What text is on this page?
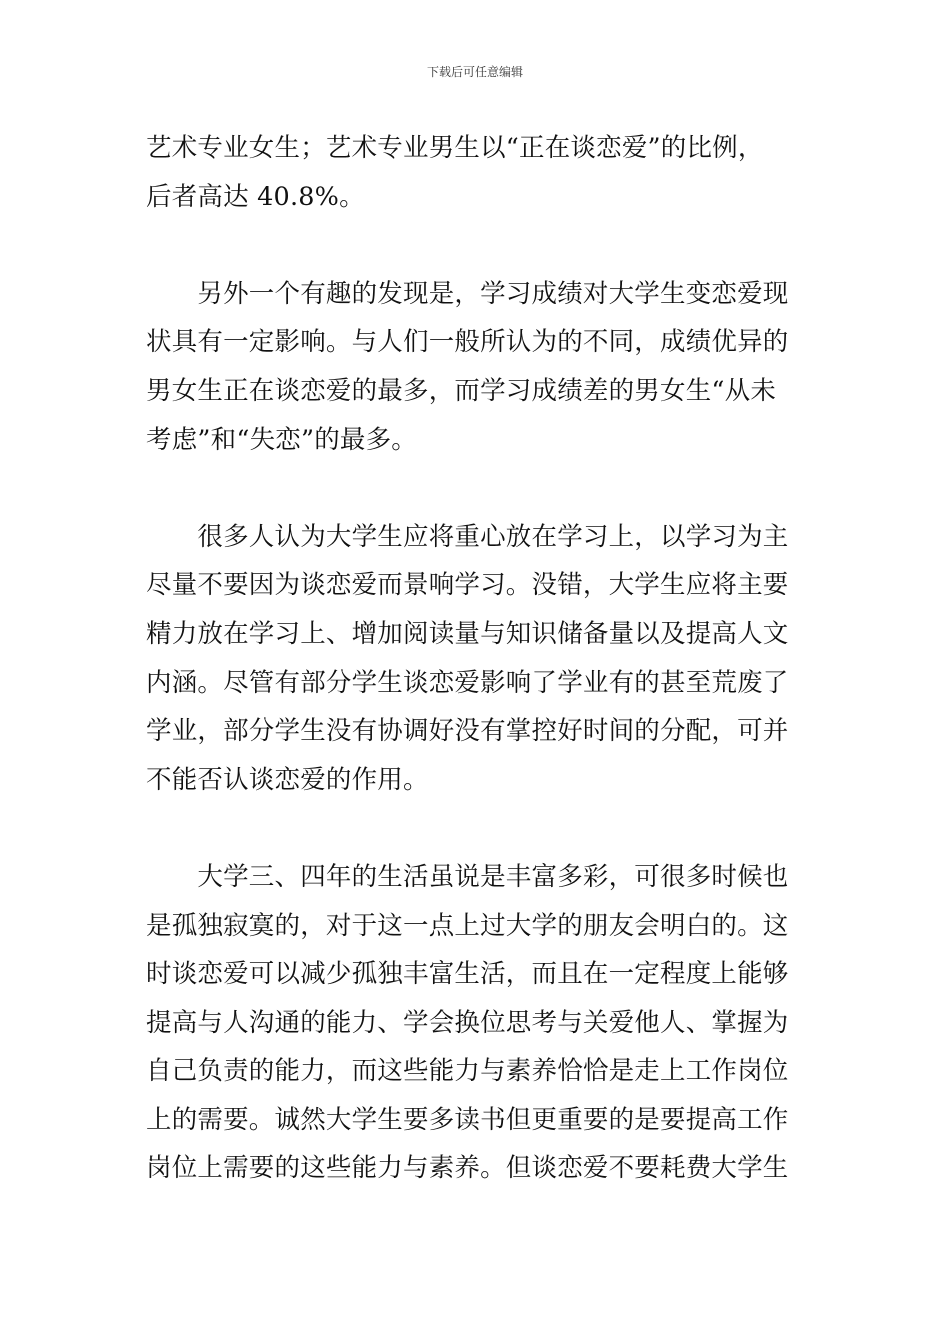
下载后可任意编辑
艺术专业女生；艺术专业男生以“正在谈恋爱”的比例，
后者高达 40.8%。
　　另外一个有趣的发现是，学习成绩对大学生变恋爱现
状具有一定影响。与人们一般所认为的不同，成绩优异的
男女生正在谈恋爱的最多，而学习成绩差的男女生“从未
考虑”和“失恋”的最多。
　　很多人认为大学生应将重心放在学习上，以学习为主
尽量不要因为谈恋爱而景响学习。没错，大学生应将主要
精力放在学习上、增加阅读量与知识储备量以及提高人文
内涵。尽管有部分学生谈恋爱影响了学业有的甚至荒废了
学业，部分学生没有协调好没有掌控好时间的分配，可并
不能否认谈恋爱的作用。
　　大学三、四年的生活虽说是丰富多彩，可很多时候也
是孤独寂寞的，对于这一点上过大学的朋友会明白的。这
时谈恋爱可以减少孤独丰富生活，而且在一定程度上能够
提高与人沟通的能力、学会换位思考与关爱他人、掌握为
自己负责的能力，而这些能力与素养恰恰是走上工作岗位
上的需要。诚然大学生要多读书但更重要的是要提高工作
岗位上需要的这些能力与素养。但谈恋爱不要耗费大学生
